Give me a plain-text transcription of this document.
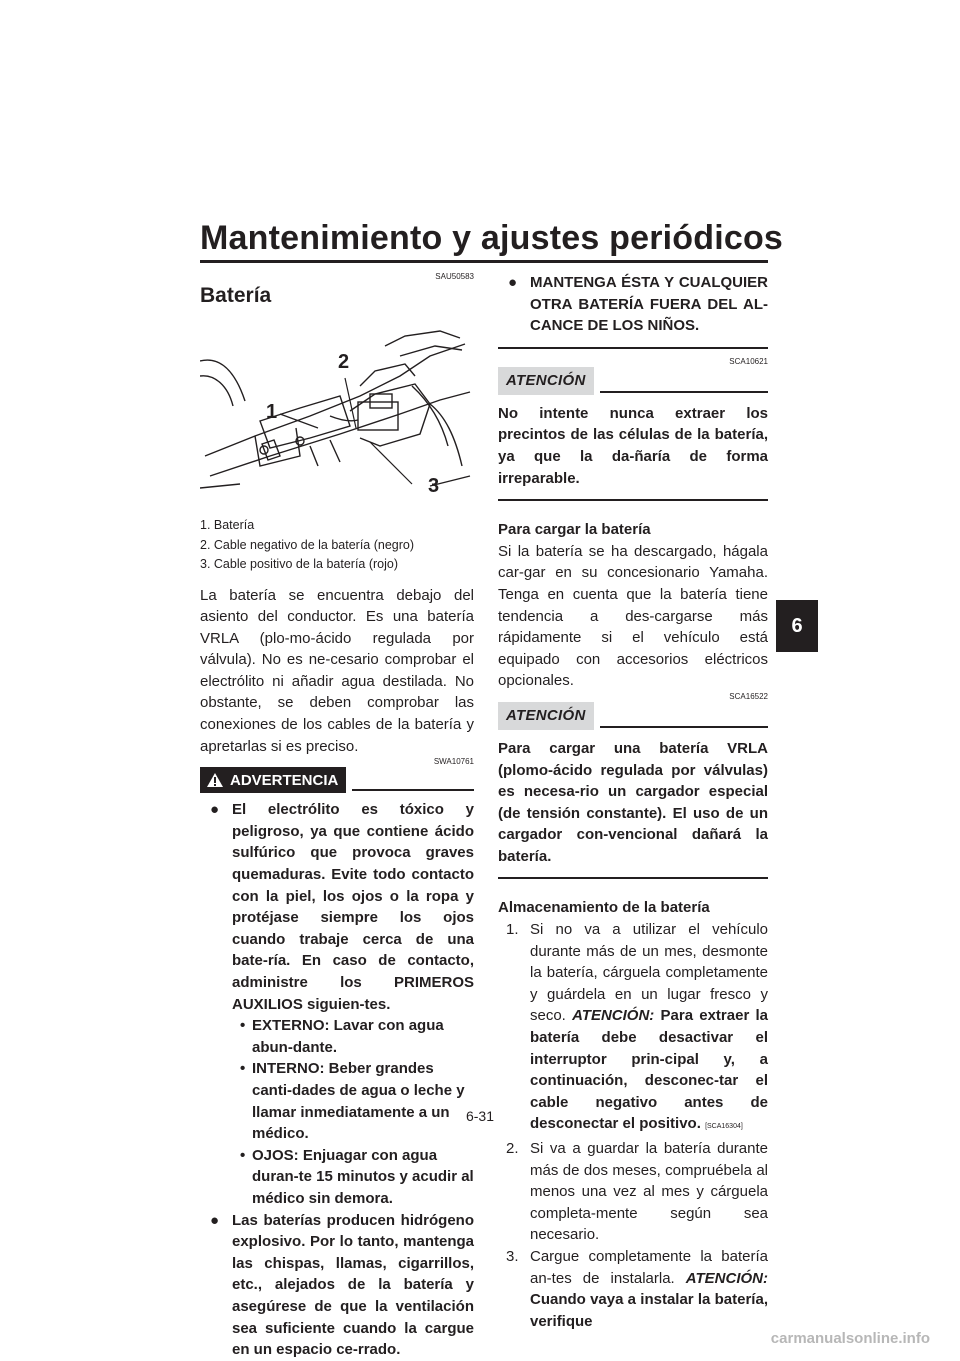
Mantenimiento y ajustes periódicos
6
SAU50583
Batería
1
2
3
1. Batería
2. Cable negativo de la batería (negro)
3. Cable positivo de la batería (rojo)
La batería se encuentra debajo del asiento del conductor. Es una batería VRLA (plo-mo-ácido regulada por válvula). No es ne-cesario comprobar el electrólito ni añadir agua destilada. No obstante, se deben comprobar las conexiones de los cables de la batería y apretarlas si es preciso.
SWA10761
ADVERTENCIA
● El electrólito es tóxico y peligroso, ya que contiene ácido sulfúrico que provoca graves quemaduras. Evite todo contacto con la piel, los ojos o la ropa y protéjase siempre los ojos cuando trabaje cerca de una bate-ría. En caso de contacto, administre los PRIMEROS AUXILIOS siguien-tes.
• EXTERNO: Lavar con agua abun-dante.
• INTERNO: Beber grandes canti-dades de agua o leche y llamar inmediatamente a un médico.
• OJOS: Enjuagar con agua duran-te 15 minutos y acudir al médico sin demora.
● Las baterías producen hidrógeno explosivo. Por lo tanto, mantenga las chispas, llamas, cigarrillos, etc., alejados de la batería y asegúrese de que la ventilación sea suficiente cuando la cargue en un espacio ce-rrado.
● MANTENGA ÉSTA Y CUALQUIER OTRA BATERÍA FUERA DEL AL-CANCE DE LOS NIÑOS.
SCA10621
ATENCIÓN
No intente nunca extraer los precintos de las células de la batería, ya que la da-ñaría de forma irreparable.
Para cargar la batería
Si la batería se ha descargado, hágala car-gar en su concesionario Yamaha. Tenga en cuenta que la batería tiene tendencia a des-cargarse más rápidamente si el vehículo está equipado con accesorios eléctricos opcionales.
SCA16522
ATENCIÓN
Para cargar una batería VRLA (plomo-ácido regulada por válvulas) es necesa-rio un cargador especial (de tensión constante). El uso de un cargador con-vencional dañará la batería.
Almacenamiento de la batería
1. Si no va a utilizar el vehículo durante más de un mes, desmonte la batería, cárguela completamente y guárdela en un lugar fresco y seco. ATENCIÓN: Para extraer la batería debe desactivar el interruptor prin-cipal y, a continuación, desconec-tar el cable negativo antes de desconectar el positivo. [SCA16304]
2. Si va a guardar la batería durante más de dos meses, compruébela al menos una vez al mes y cárguela completa-mente según sea necesario.
3. Cargue completamente la batería an-tes de instalarla. ATENCIÓN: Cuando vaya a instalar la batería, verifique
6-31
carmanualsonline.info
